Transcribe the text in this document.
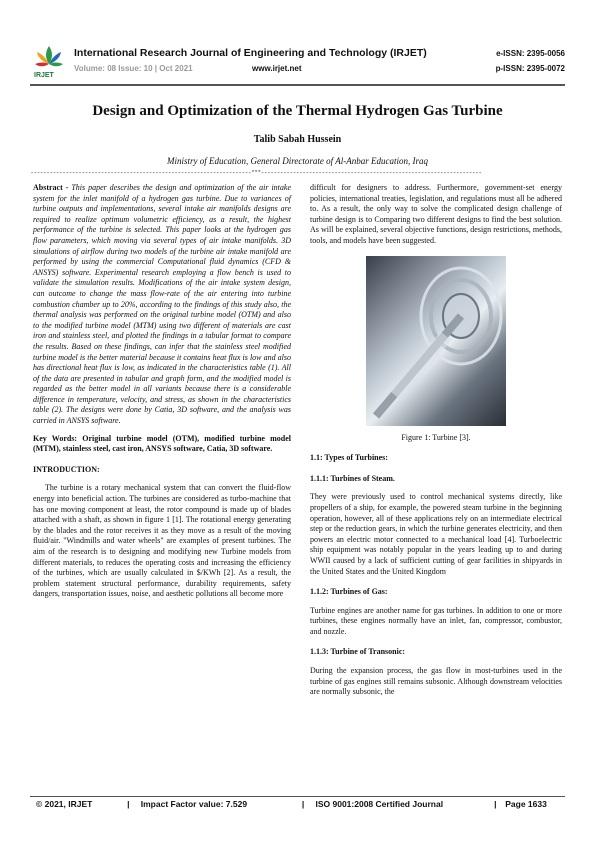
IRJET
International Research Journal of Engineering and Technology (IRJET)
Volume: 08 Issue: 10 | Oct 2021	www.irjet.net
e-ISSN: 2395-0056
p-ISSN: 2395-0072
Design and Optimization of the Thermal Hydrogen Gas Turbine
Talib Sabah Hussein
Ministry of Education, General Directorate of Al-Anbar Education, Iraq
---------------------------------------------------------------------***---------------------------------------------------------------------

Abstract - This paper describes the design and optimization of the air intake system for the inlet manifold of a hydrogen gas turbine. Due to variances of turbine outputs and implementations, several intake air manifolds designs are required to realize optimum volumetric efficiency, as a result, the highest performance of the turbine is selected. This paper looks at the hydrogen gas flow parameters, which moving via several types of air intake manifolds. 3D simulations of airflow during two models of the turbine air intake manifold are performed by using the commercial Computational fluid dynamics (CFD & ANSYS) software. Experimental research employing a flow bench is used to validate the simulation results. Modifications of the air intake system design, can outcome to change the mass flow-rate of the air entering into turbine combustion chamber up to 20%, according to the findings of this study also, the thermal analysis was performed on the original turbine model (OTM) and also to the modified turbine model (MTM) using two different of materials are cast iron and stainless steel, and plotted the findings in a tabular format to compare the results. Based on these findings, can infer that the stainless steel modified turbine model is the better material because it contains heat flux is low and also has directional heat flux is low, as indicated in the characteristics table (1). All of the data are presented in tabular and graph form, and the modified model is regarded as the better model in all variants because there is a considerable difference in temperature, velocity, and stress, as shown in the characteristics table (2). The designs were done by Catia, 3D software, and the analysis was carried in ANSYS software.

Key Words: Original turbine model (OTM), modified turbine model (MTM), stainless steel, cast iron, ANSYS software, Catia, 3D software.

INTRODUCTION:

The turbine is a rotary mechanical system that can convert the fluid-flow energy into beneficial action. The turbines are considered as turbo-machine that has one moving component at least, the rotor compound is made up of blades attached with a shaft, as shown in figure 1 [1]. The rotational energy generating by the blades and the rotor receives it as they move as a result of the moving fluid/air. "Windmills and water wheels" are examples of present turbines. The aim of the research is to designing and modifying new Turbine models from different materials, to reduces the operating costs and increasing the efficiency of the turbines, which are usually calculated in $/KWh [2]. As a result, the problem statement structural performance, durability requirements, safety dangers, transportation issues, noise, and aesthetic pollutions all become more

difficult for designers to address. Furthermore, government-set energy policies, international treaties, legislation, and regulations must all be adhered to. As a result, the only way to solve the complicated design challenge of turbine design is to Comparing two different designs to find the best solution. As will be explained, several objective functions, design restrictions, methods, tools, and models have been suggested.

Figure 1: Turbine [3].
1.1: Types of Turbines:
1.1.1: Turbines of Steam.

They were previously used to control mechanical systems directly, like propellers of a ship, for example, the powered steam turbine in the beginning operation, however, all of these applications rely on an intermediate electrical step or the reduction gears, in which the turbine generates electricity, and then powers an electric motor connected to a mechanical load [4]. Turboelectric ship equipment was notably popular in the years leading up to and during WWII caused by a lack of sufficient cutting of gear facilities in shipyards in the United States and the United Kingdom

1.1.2: Turbines of Gas:

Turbine engines are another name for gas turbines. In addition to one or more turbines, these engines normally have an inlet, fan, compressor, combustor, and nozzle.

1.1.3: Turbine of Transonic:

During the expansion process, the gas flow in most-turbines used in the turbine of gas engines still remains subsonic. Although downstream velocities are normally subsonic, the

© 2021, IRJET	| Impact Factor value: 7.529	| ISO 9001:2008 Certified Journal	| Page 1633
